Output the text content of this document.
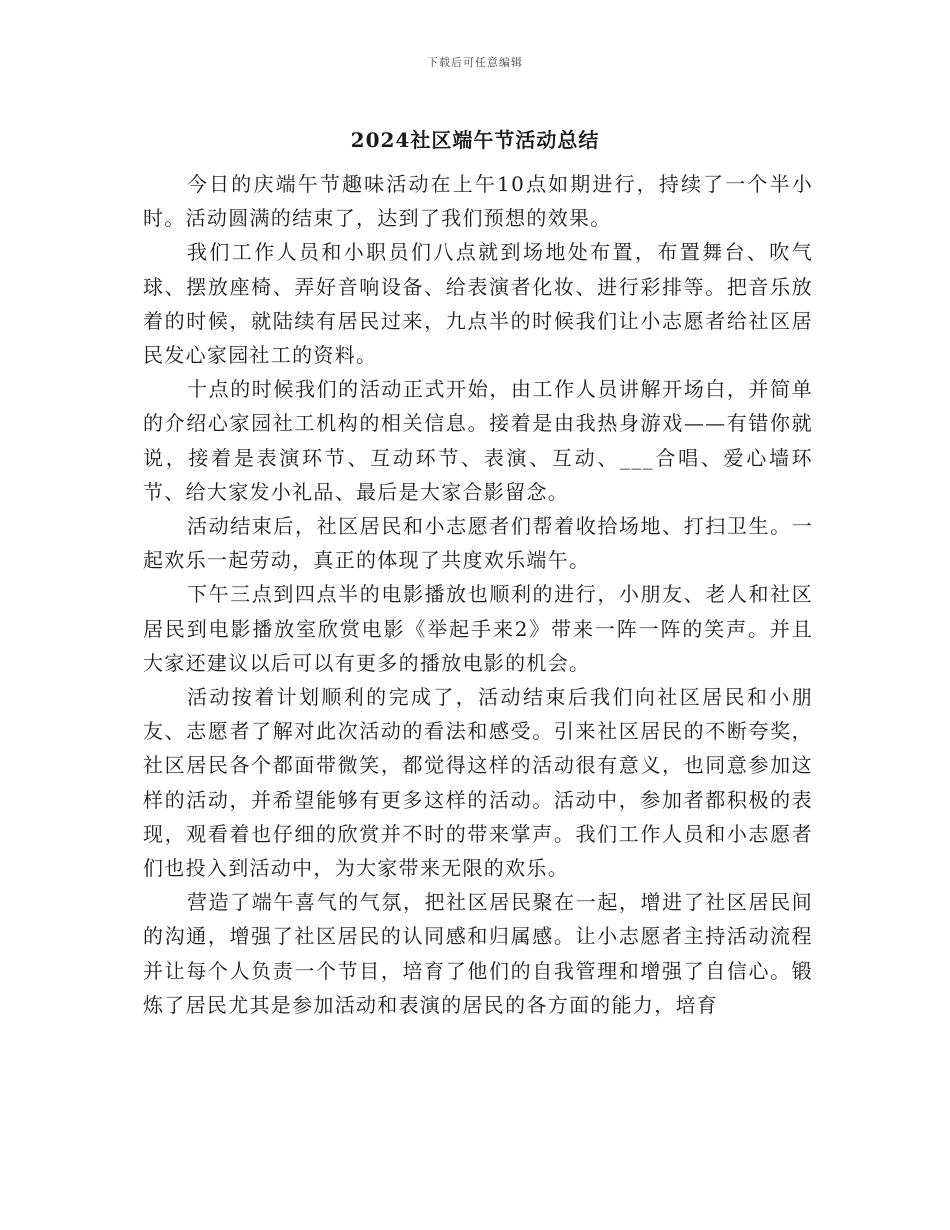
下载后可任意编辑
2024社区端午节活动总结

今日的庆端午节趣味活动在上午10点如期进行，持续了一个半小时。活动圆满的结束了，达到了我们预想的效果。

我们工作人员和小职员们八点就到场地处布置，布置舞台、吹气球、摆放座椅、弄好音响设备、给表演者化妆、进行彩排等。把音乐放着的时候，就陆续有居民过来，九点半的时候我们让小志愿者给社区居民发心家园社工的资料。

十点的时候我们的活动正式开始，由工作人员讲解开场白，并简单的介绍心家园社工机构的相关信息。接着是由我热身游戏——有错你就说，接着是表演环节、互动环节、表演、互动、___合唱、爱心墙环节、给大家发小礼品、最后是大家合影留念。

活动结束后，社区居民和小志愿者们帮着收拾场地、打扫卫生。一起欢乐一起劳动，真正的体现了共度欢乐端午。

下午三点到四点半的电影播放也顺利的进行，小朋友、老人和社区居民到电影播放室欣赏电影《举起手来2》带来一阵一阵的笑声。并且大家还建议以后可以有更多的播放电影的机会。

活动按着计划顺利的完成了，活动结束后我们向社区居民和小朋友、志愿者了解对此次活动的看法和感受。引来社区居民的不断夸奖，社区居民各个都面带微笑，都觉得这样的活动很有意义，也同意参加这样的活动，并希望能够有更多这样的活动。活动中，参加者都积极的表现，观看着也仔细的欣赏并不时的带来掌声。我们工作人员和小志愿者们也投入到活动中，为大家带来无限的欢乐。

营造了端午喜气的气氛，把社区居民聚在一起，增进了社区居民间的沟通，增强了社区居民的认同感和归属感。让小志愿者主持活动流程并让每个人负责一个节目，培育了他们的自我管理和增强了自信心。锻炼了居民尤其是参加活动和表演的居民的各方面的能力，培育
